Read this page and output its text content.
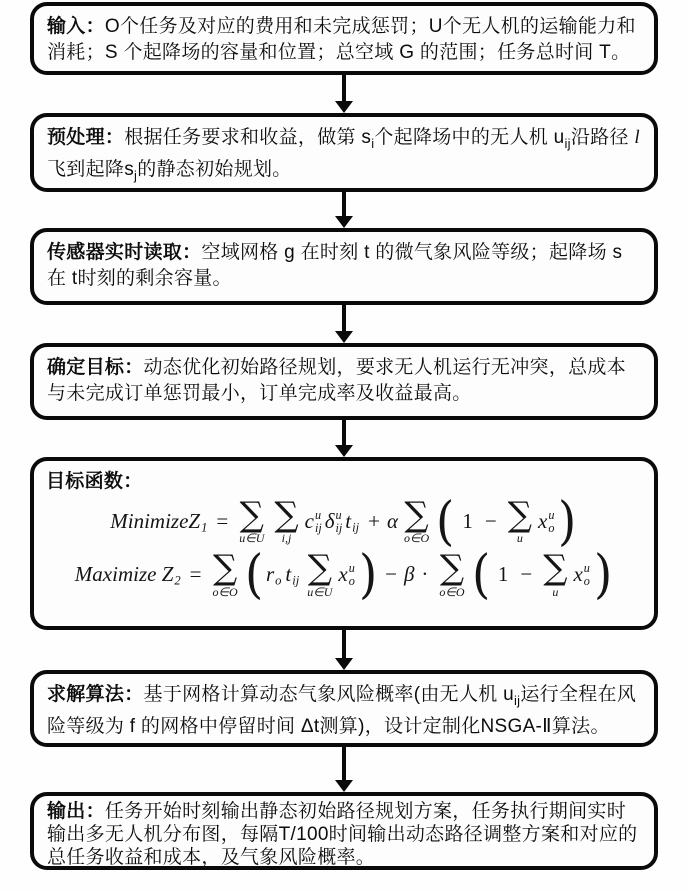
输入：O个任务及对应的费用和未完成惩罚；U个无人机的运输能力和消耗；S 个起降场的容量和位置；总空域 G 的范围；任务总时间 T。

预处理：根据任务要求和收益，做第 $s_i$个起降场中的无人机 $u_{ij}$沿路径 l飞到起降$s_j$的静态初始规划。

传感器实时读取：空域网格 g 在时刻 t 的微气象风险等级；起降场 s 在 t时刻的剩余容量。

确定目标：动态优化初始路径规划，要求无人机运行无冲突，总成本与未完成订单惩罚最小，订单完成率及收益最高。

目标函数：

MinimizeZ 1 = ∑
u∈U
∑
i,j
c u
ij δ u
ij t ij + α ∑
o∈O ( 1 − ∑
u
x u
o )
Maximize Z 2 = ∑
o∈O ( r o t ij ∑
u∈U
x u
o ) − β · ∑
o∈O ( 1 − ∑
u
x u
o )

求解算法：基于网格计算动态气象风险概率(由无人机 $u_{ij}$运行全程在风险等级为 f 的网格中停留时间 Δt测算)，设计定制化NSGA-Ⅱ算法。

输出：任务开始时刻输出静态初始路径规划方案，任务执行期间实时输出多无人机分布图，每隔T/100时间输出动态路径调整方案和对应的总任务收益和成本，及气象风险概率。
